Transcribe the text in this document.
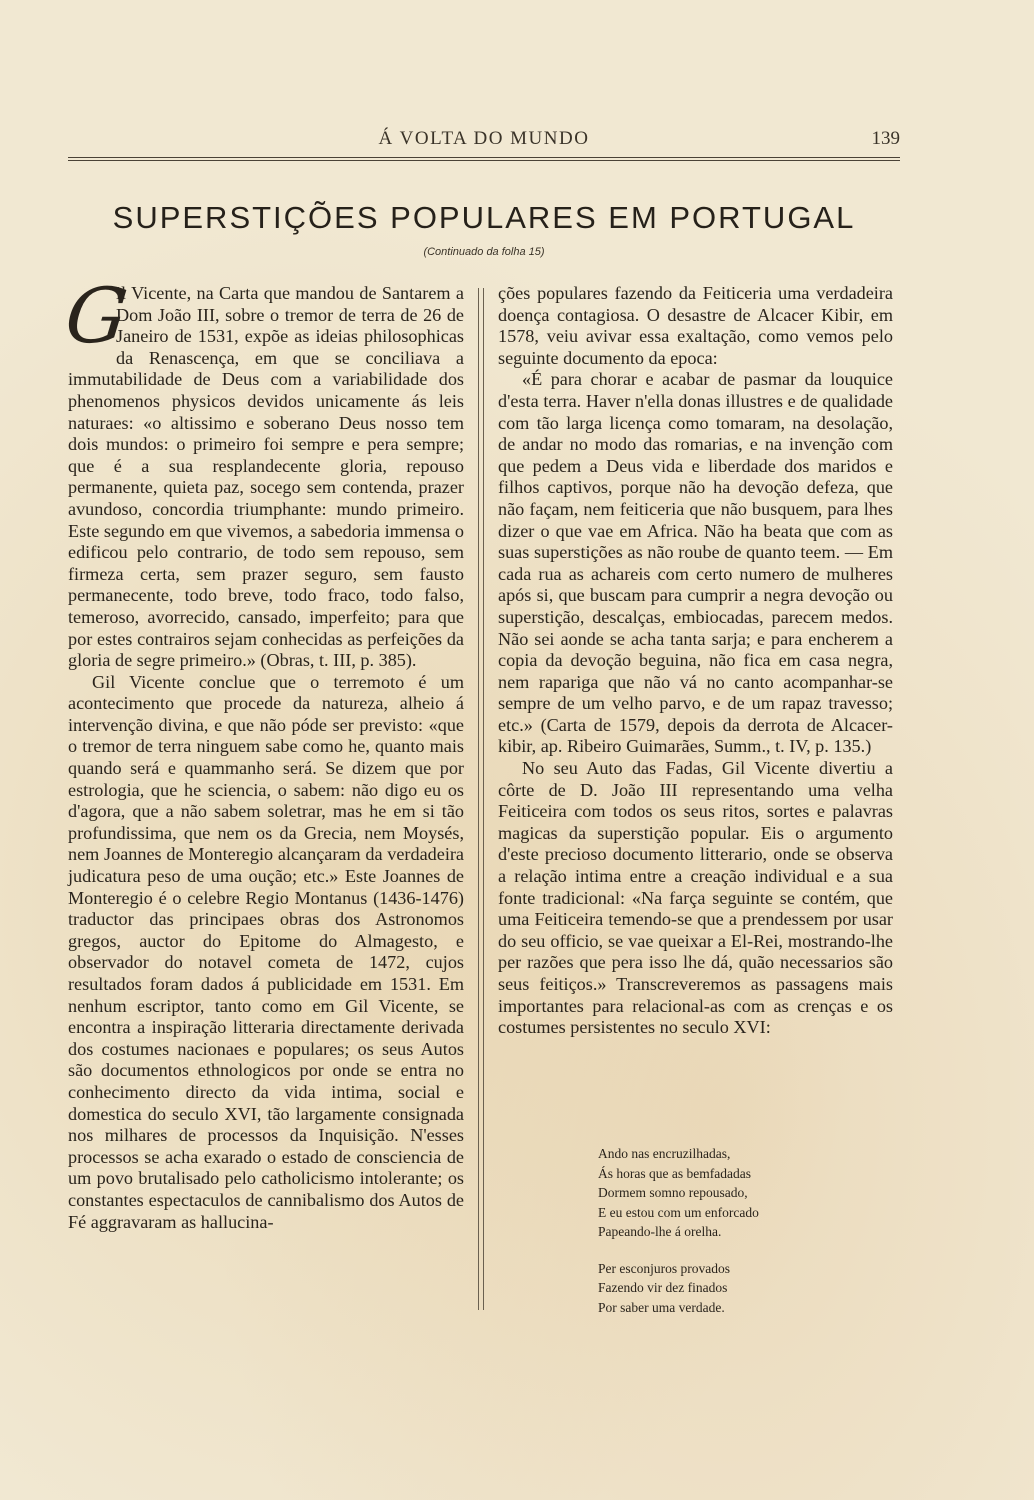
Á VOLTA DO MUNDO	139
SUPERSTIÇÕES POPULARES EM PORTUGAL
(Continuado da folha 15)

G
il Vicente, na Carta que mandou de Santarem a Dom João III, sobre o tremor de terra de 26 de Janeiro de 1531, expõe as ideias philosophicas da Renascença, em que se conciliava a immutabilidade de Deus com a variabilidade dos phenomenos physicos devidos unicamente ás leis naturaes: «o altissimo e soberano Deus nosso tem dois mundos: o primeiro foi sempre e pera sempre; que é a sua resplandecente gloria, repouso permanente, quieta paz, socego sem contenda, prazer avundoso, concordia triumphante: mundo primeiro. Este segundo em que vivemos, a sabedoria immensa o edificou pelo contrario, de todo sem repouso, sem firmeza certa, sem prazer seguro, sem fausto permanecente, todo breve, todo fraco, todo falso, temeroso, avorrecido, cansado, imperfeito; para que por estes contrairos sejam conhecidas as perfeições da gloria de segre primeiro.» (Obras, t. III, p. 385).

Gil Vicente conclue que o terremoto é um acontecimento que procede da natureza, alheio á intervenção divina, e que não póde ser previsto: «que o tremor de terra ninguem sabe como he, quanto mais quando será e quammanho será. Se dizem que por estrologia, que he sciencia, o sabem: não digo eu os d'agora, que a não sabem soletrar, mas he em si tão profundissima, que nem os da Grecia, nem Moysés, nem Joannes de Monteregio alcançaram da verdadeira judicatura peso de uma oução; etc.» Este Joannes de Monteregio é o celebre Regio Montanus (1436-1476) traductor das principaes obras dos Astronomos gregos, auctor do Epitome do Almagesto, e observador do notavel cometa de 1472, cujos resultados foram dados á publicidade em 1531. Em nenhum escriptor, tanto como em Gil Vicente, se encontra a inspiração litteraria directamente derivada dos costumes nacionaes e populares; os seus Autos são documentos ethnologicos por onde se entra no conhecimento directo da vida intima, social e domestica do seculo XVI, tão largamente consignada nos milhares de processos da Inquisição. N'esses processos se acha exarado o estado de consciencia de um povo brutalisado pelo catholicismo intolerante; os constantes espectaculos de cannibalismo dos Autos de Fé aggravaram as hallucina-

ções populares fazendo da Feiticeria uma verdadeira doença contagiosa. O desastre de Alcacer Kibir, em 1578, veiu avivar essa exaltação, como vemos pelo seguinte documento da epoca:

«É para chorar e acabar de pasmar da louquice d'esta terra. Haver n'ella donas illustres e de qualidade com tão larga licença como tomaram, na desolação, de andar no modo das romarias, e na invenção com que pedem a Deus vida e liberdade dos maridos e filhos captivos, porque não ha devoção defeza, que não façam, nem feiticeria que não busquem, para lhes dizer o que vae em Africa. Não ha beata que com as suas superstições as não roube de quanto teem. — Em cada rua as achareis com certo numero de mulheres após si, que buscam para cumprir a negra devoção ou superstição, descalças, embiocadas, parecem medos. Não sei aonde se acha tanta sarja; e para encherem a copia da devoção beguina, não fica em casa negra, nem rapariga que não vá no canto acompanhar-se sempre de um velho parvo, e de um rapaz travesso; etc.» (Carta de 1579, depois da derrota de Alcacer-kibir, ap. Ribeiro Guimarães, Summ., t. IV, p. 135.)

No seu Auto das Fadas, Gil Vicente divertiu a côrte de D. João III representando uma velha Feiticeira com todos os seus ritos, sortes e palavras magicas da superstição popular. Eis o argumento d'este precioso documento litterario, onde se observa a relação intima entre a creação individual e a sua fonte tradicional: «Na farça seguinte se contém, que uma Feiticeira temendo-se que a prendessem por usar do seu officio, se vae queixar a El-Rei, mostrando-lhe per razões que pera isso lhe dá, quão necessarios são seus feitiços.» Transcreveremos as passagens mais importantes para relacional-as com as crenças e os costumes persistentes no seculo XVI:

Ando nas encruzilhadas,
Ás horas que as bemfadadas
Dormem somno repousado,
E eu estou com um enforcado
Papeando-lhe á orelha.
Per esconjuros provados
Fazendo vir dez finados
Por saber uma verdade.
